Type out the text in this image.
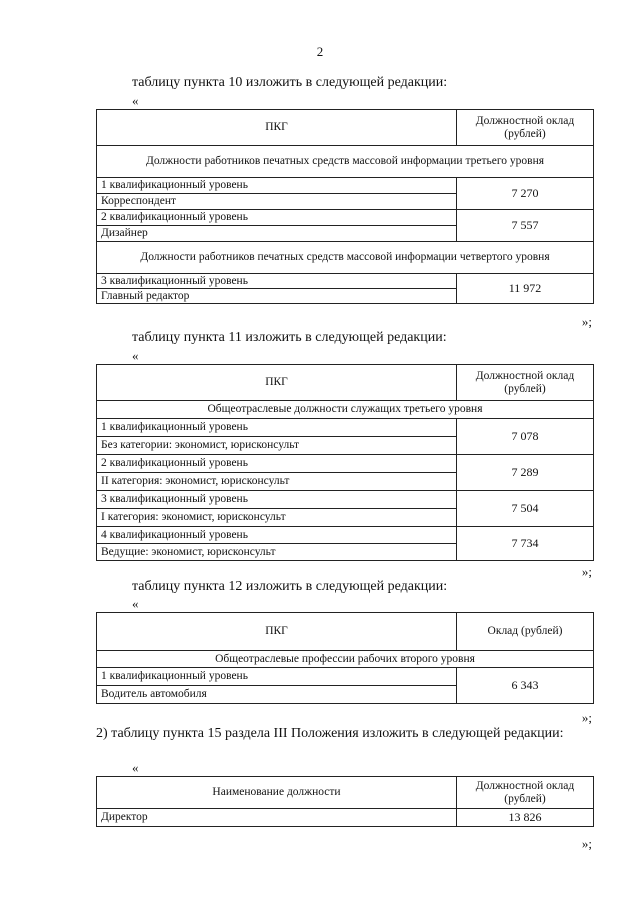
2
таблицу пункта 10 изложить в следующей редакции:
«
ПКГ	Должностной оклад (рублей)
Должности работников печатных средств массовой информации третьего уровня	
1 квалификационный уровень	7 270
Корреспондент	
2 квалификационный уровень	7 557
Дизайнер	
Должности работников печатных средств массовой информации четвертого уровня	
3 квалификационный уровень	11 972
Главный редактор	
»;
таблицу пункта 11 изложить в следующей редакции:
«
ПКГ	Должностной оклад (рублей)
Общеотраслевые должности служащих третьего уровня	
1 квалификационный уровень	7 078
Без категории: экономист, юрисконсульт	
2 квалификационный уровень	7 289
II категория: экономист, юрисконсульт	
3 квалификационный уровень	7 504
I категория: экономист, юрисконсульт	
4 квалификационный уровень	7 734
Ведущие: экономист, юрисконсульт	
»;
таблицу пункта 12 изложить в следующей редакции:
«
ПКГ	Оклад (рублей)
Общеотраслевые профессии рабочих второго уровня	
1 квалификационный уровень	6 343
Водитель автомобиля	
»;
2) таблицу пункта 15 раздела III Положения изложить в следующей редакции:
«
Наименование должности	Должностной оклад (рублей)
Директор	13 826
»;
